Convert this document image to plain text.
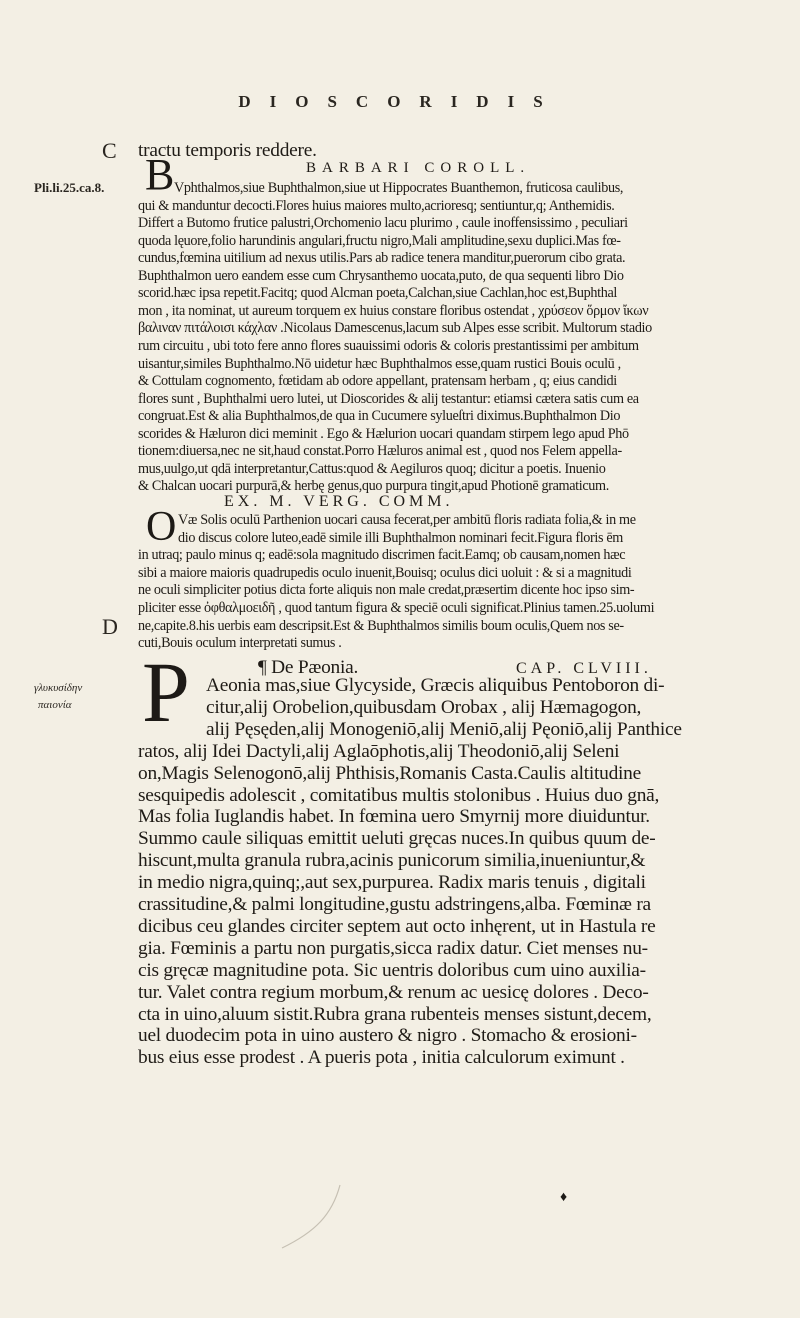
DIOSCORIDIS
C
Pli.li.25.ca.8.
D
γλυκυσίδην
παιονία
tractu temporis reddere.
BARBARI COROLL.
B Vphthalmos,siue Buphthalmon,siue ut Hippocrates Buanthemon, fruticosa caulibus,
qui & manduntur decocti.Flores huius maiores multo,acrioresq; sentiuntur,q; Anthemidis.
Differt a Butomo frutice palustri,Orchomenio lacu plurimo , caule inoffensissimo , peculiari
quoda lęuore,folio harundinis angulari,fructu nigro,Mali amplitudine,sexu duplici.Mas fœ-
cundus,fœmina uitilium ad nexus utilis.Pars ab radice tenera manditur,puerorum cibo grata.
Buphthalmon uero eandem esse cum Chrysanthemo uocata,puto, de qua sequenti libro Dio
scorid.hæc ipsa repetit.Facitq; quod Alcman poeta,Calchan,siue Cachlan,hoc est,Buphthal
mon , ita nominat, ut aureum torquem ex huius constare floribus ostendat , χρύσεον ὅρμον ἴκων
βαλιναν πιτάλοισι κάχλαν .Nicolaus Damescenus,lacum sub Alpes esse scribit. Multorum stadio
rum circuitu , ubi toto fere anno flores suauissimi odoris & coloris prestantissimi per ambitum
uisantur,similes Buphthalmo.Nō uidetur hæc Buphthalmos esse,quam rustici Bouis oculū ,
& Cottulam cognomento, fœtidam ab odore appellant, pratensam herbam , q; eius candidi
flores sunt , Buphthalmi uero lutei, ut Dioscorides & alij testantur: etiamsi cætera satis cum ea
congruat.Est & alia Buphthalmos,de qua in Cucumere sylueſtri diximus.Buphthalmon Dio
scorides & Hæluron dici meminit . Ego & Hælurion uocari quandam stirpem lego apud Phō
tionem:diuersa,nec ne sit,haud constat.Porro Hæluros animal est , quod nos Felem appella-
mus,uulgo,ut qdā interpretantur,Cattus:quod & Aegiluros quoq; dicitur a poetis. Inuenio
& Chalcan uocari purpurā,& herbę genus,quo purpura tingit,apud Photionē gramaticum.
EX. M. VERG. COMM.
O Væ Solis oculū Parthenion uocari causa fecerat,per ambitū floris radiata folia,& in me
dio discus colore luteo,eadē simile illi Buphthalmon nominari fecit.Figura floris ēm
in utraq; paulo minus q; eadē:sola magnitudo discrimen facit.Eamq; ob causam,nomen hæc
sibi a maiore maioris quadrupedis oculo inuenit,Bouisq; oculus dici uoluit : & si a magnitudi
ne oculi simpliciter potius dicta forte aliquis non male credat,præsertim dicente hoc ipso sim-
pliciter esse ὀφθαλμοειδῆ , quod tantum figura & speciē oculi significat.Plinius tamen.25.uolumi
ne,capite.8.his uerbis eam descripsit.Est & Buphthalmos similis boum oculis,Quem nos se-
cuti,Bouis oculum interpretati sumus .
¶ De Pæonia.	CAP. CLVIII.
P Aeonia mas,siue Glycyside, Græcis aliquibus Pentoboron di-
citur,alij Orobelion,quibusdam Orobax , alij Hæmagogon,
alij Pęsęden,alij Monogeniō,alij Meniō,alij Pęoniō,alij Panthice
ratos, alij Idei Dactyli,alij Aglaōphotis,alij Theodoniō,alij Seleni
on,Magis Selenogonō,alij Phthisis,Romanis Casta.Caulis altitudine
sesquipedis adolescit , comitatibus multis stolonibus . Huius duo gnā,
Mas folia Iuglandis habet. In fœmina uero Smyrnij more diuiduntur.
Summo caule siliquas emittit ueluti gręcas nuces.In quibus quum de-
hiscunt,multa granula rubra,acinis punicorum similia,inueniuntur,&
in medio nigra,quinq;,aut sex,purpurea. Radix maris tenuis , digitali
crassitudine,& palmi longitudine,gustu adstringens,alba. Fœminæ ra
dicibus ceu glandes circiter septem aut octo inhęrent, ut in Hastula re
gia. Fœminis a partu non purgatis,sicca radix datur. Ciet menses nu-
cis gręcæ magnitudine pota. Sic uentris doloribus cum uino auxilia-
tur. Valet contra regium morbum,& renum ac uesicę dolores . Deco-
cta in uino,aluum sistit.Rubra grana rubenteis menses sistunt,decem,
uel duodecim pota in uino austero & nigro . Stomacho & erosioni-
bus eius esse prodest . A pueris pota , initia calculorum eximunt .
♦
